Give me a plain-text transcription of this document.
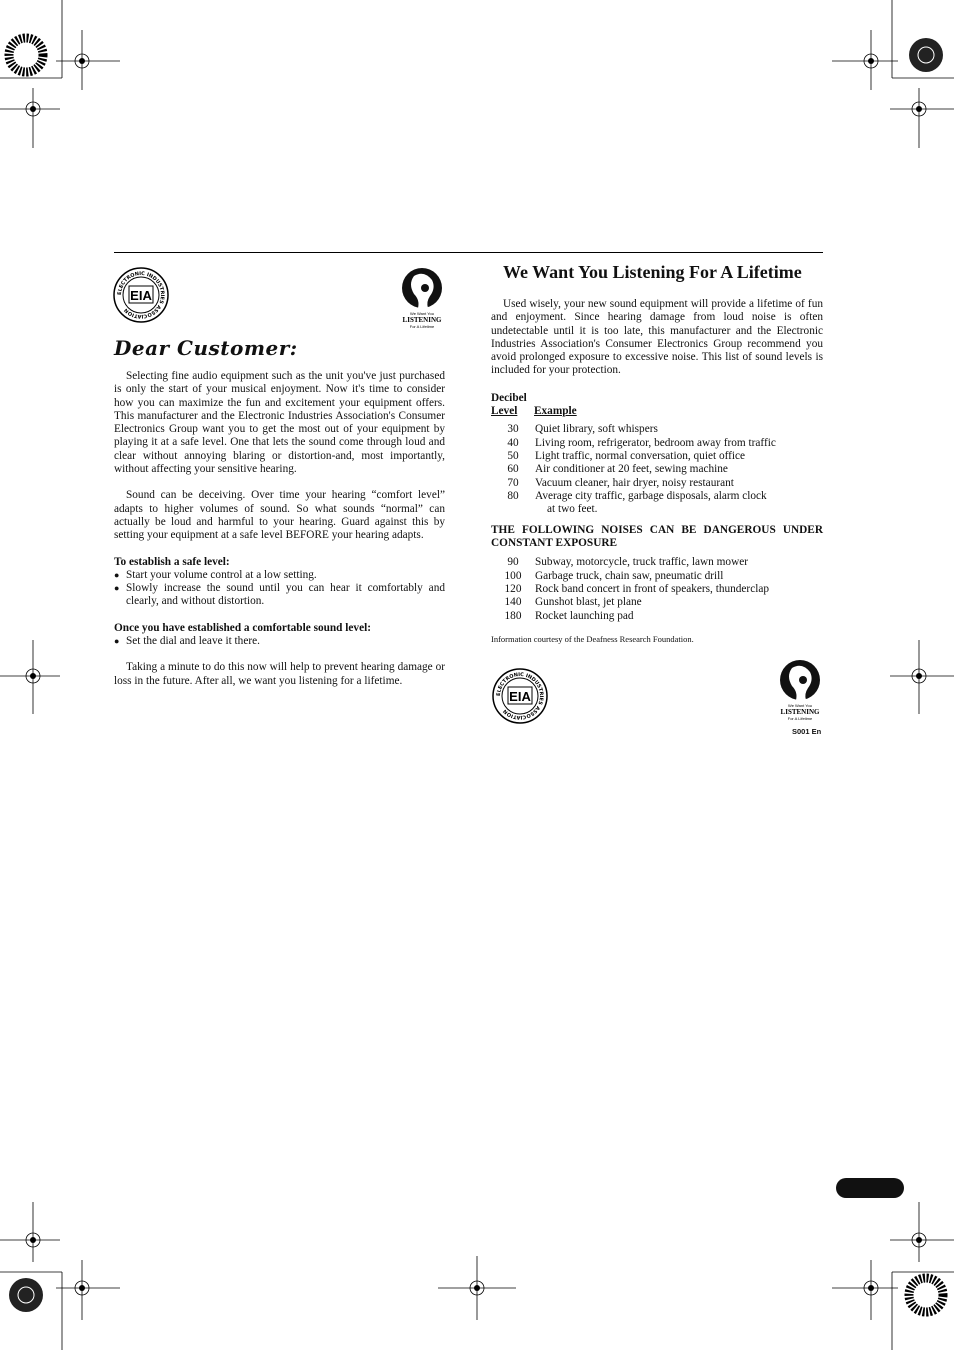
ELECTRONIC INDUSTRIES ASSOCIATION
EIA
We Want You
LISTENING
For A Lifetime
Dear Customer:

Selecting fine audio equipment such as the unit you've just purchased is only the start of your musical enjoyment. Now it's time to consider how you can maximize the fun and excitement your equipment offers. This manufacturer and the Electronic Industries Association's Consumer Electronics Group want you to get the most out of your equipment by playing it at a safe level. One that lets the sound come through loud and clear without annoying blaring or distortion-and, most importantly, without affecting your sensitive hearing.

Sound can be deceiving. Over time your hearing “comfort level” adapts to higher volumes of sound. So what sounds “normal” can actually be loud and harmful to your hearing. Guard against this by setting your equipment at a safe level BEFORE your hearing adapts.

To establish a safe level:
● Start your volume control at a low setting.
● Slowly increase the sound until you can hear it comfortably and clearly, and without distortion.
Once you have established a comfortable sound level:
● Set the dial and leave it there.

Taking a minute to do this now will help to prevent hearing damage or loss in the future. After all, we want you listening for a lifetime.

We Want You Listening For A Lifetime

Used wisely, your new sound equipment will provide a lifetime of fun and enjoyment. Since hearing damage from loud noise is often undetectable until it is too late, this manufacturer and the Electronic Industries Association's Consumer Electronics Group recommend you avoid prolonged exposure to excessive noise. This list of sound levels is included for your protection.

Decibel
Level	Example
30	Quiet library, soft whispers
40	Living room, refrigerator, bedroom away from traffic
50	Light traffic, normal conversation, quiet office
60	Air conditioner at 20 feet, sewing machine
70	Vacuum cleaner, hair dryer, noisy restaurant
80	Average city traffic, garbage disposals, alarm clock
at two feet.
THE FOLLOWING NOISES CAN BE DANGEROUS UNDER CONSTANT EXPOSURE
90	Subway, motorcycle, truck traffic, lawn mower
100	Garbage truck, chain saw, pneumatic drill
120	Rock band concert in front of speakers, thunderclap
140	Gunshot blast, jet plane
180	Rocket launching pad
Information courtesy of the Deafness Research Foundation.
ELECTRONIC INDUSTRIES ASSOCIATION
EIA
We Want You
LISTENING
For A Lifetime
S001 En
